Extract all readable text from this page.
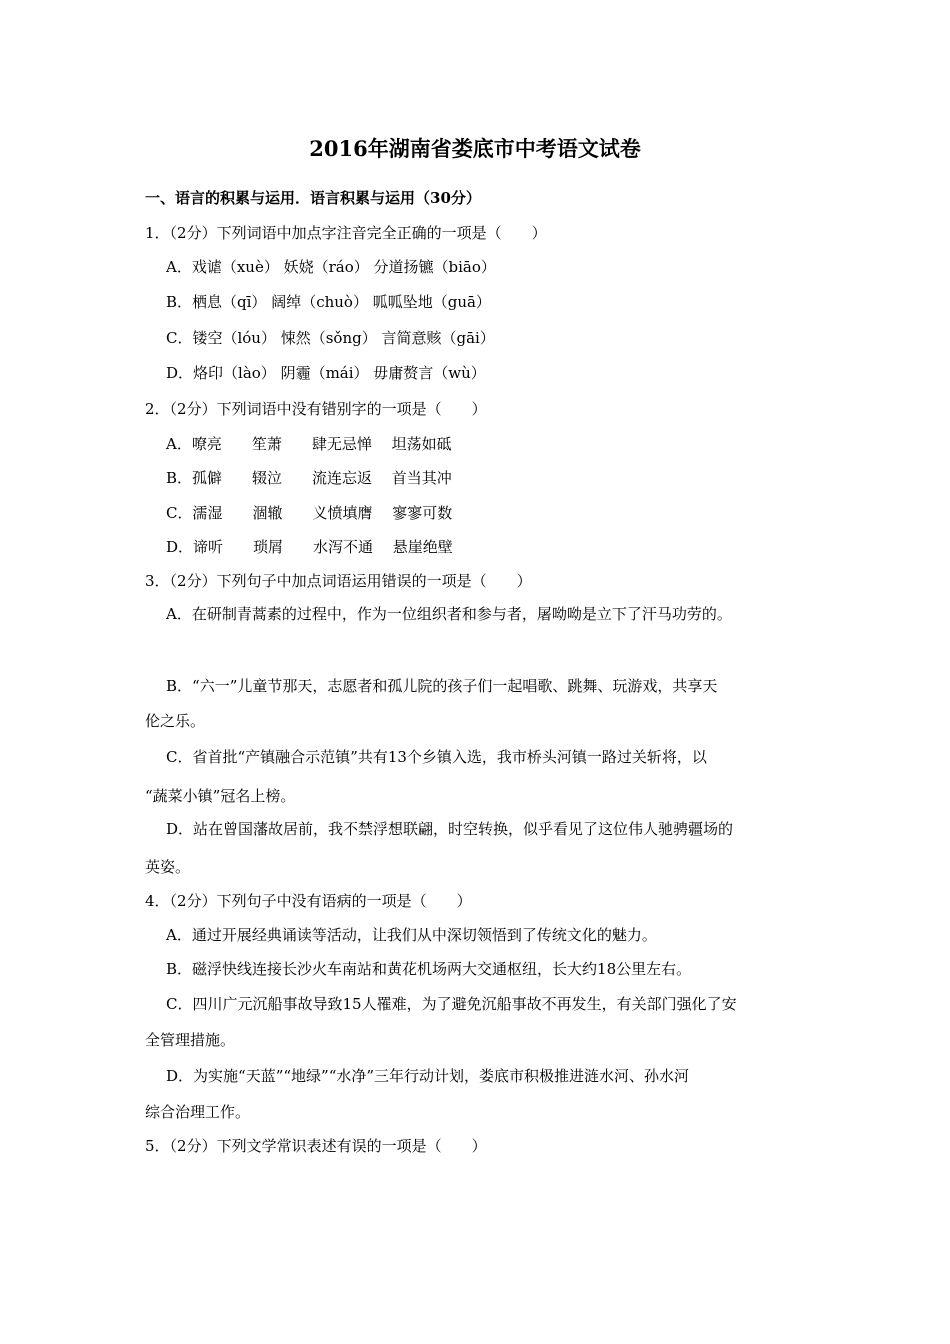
2016年湖南省娄底市中考语文试卷
一、语言的积累与运用．语言积累与运用（30分）
1．（2分）下列词语中加点字注音完全正确的一项是（　　）
A．戏谑（xuè） 妖娆（ráo） 分道扬镳（biāo）
B．栖息（qī） 阔绰（chuò） 呱呱坠地（guā）
C．镂空（lóu） 悚然（sǒng） 言简意赅（gāi）
D．烙印（lào） 阴霾（mái） 毋庸赘言（wù）
2．（2分）下列词语中没有错别字的一项是（　　）
A．嘹亮　　笙萧　　肆无忌惮　 坦荡如砥
B．孤僻　　辍泣　　流连忘返　 首当其冲
C．濡湿　　涸辙　　义愤填膺　 寥寥可数
D．谛听　　琐屑　　水泻不通　 悬崖绝壁
3．（2分）下列句子中加点词语运用错误的一项是（　　）
A．在研制青蒿素的过程中，作为一位组织者和参与者，屠呦呦是立下了汗马功劳的。
B．“六一”儿童节那天，志愿者和孤儿院的孩子们一起唱歌、跳舞、玩游戏，共享天
伦之乐。
C．省首批“产镇融合示范镇”共有13个乡镇入选，我市桥头河镇一路过关斩将，以
“蔬菜小镇”冠名上榜。
D．站在曾国藩故居前，我不禁浮想联翩，时空转换，似乎看见了这位伟人驰骋疆场的
英姿。
4．（2分）下列句子中没有语病的一项是（　　）
A．通过开展经典诵读等活动，让我们从中深切领悟到了传统文化的魅力。
B．磁浮快线连接长沙火车南站和黄花机场两大交通枢纽，长大约18公里左右。
C．四川广元沉船事故导致15人罹难，为了避免沉船事故不再发生，有关部门强化了安
全管理措施。
D．为实施“天蓝”“地绿”“水净”三年行动计划，娄底市积极推进涟水河、孙水河
综合治理工作。
5．（2分）下列文学常识表述有误的一项是（　　）
